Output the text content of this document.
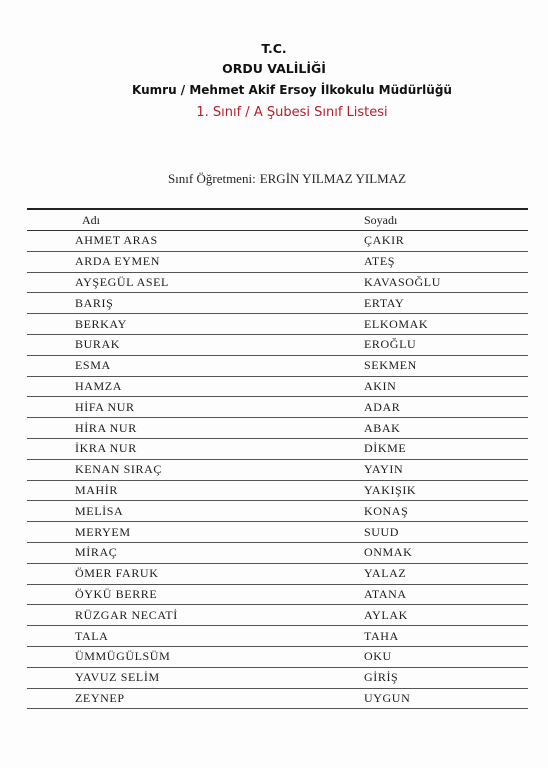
T.C.
ORDU VALİLİĞİ
Kumru / Mehmet Akif Ersoy İlkokulu Müdürlüğü
1. Sınıf / A Şubesi Sınıf Listesi
Sınıf Öğretmeni: ERGİN YILMAZ YILMAZ
Adı	Soyadı
AHMET ARAS	ÇAKIR
ARDA EYMEN	ATEŞ
AYŞEGÜL ASEL	KAVASOĞLU
BARIŞ	ERTAY
BERKAY	ELKOMAK
BURAK	EROĞLU
ESMA	SEKMEN
HAMZA	AKIN
HİFA NUR	ADAR
HİRA NUR	ABAK
İKRA NUR	DİKME
KENAN SIRAÇ	YAYIN
MAHİR	YAKIŞIK
MELİSA	KONAŞ
MERYEM	SUUD
MİRAÇ	ONMAK
ÖMER FARUK	YALAZ
ÖYKÜ BERRE	ATANA
RÜZGAR NECATİ	AYLAK
TALA	TAHA
ÜMMÜGÜLSÜM	OKU
YAVUZ SELİM	GİRİŞ
ZEYNEP	UYGUN
